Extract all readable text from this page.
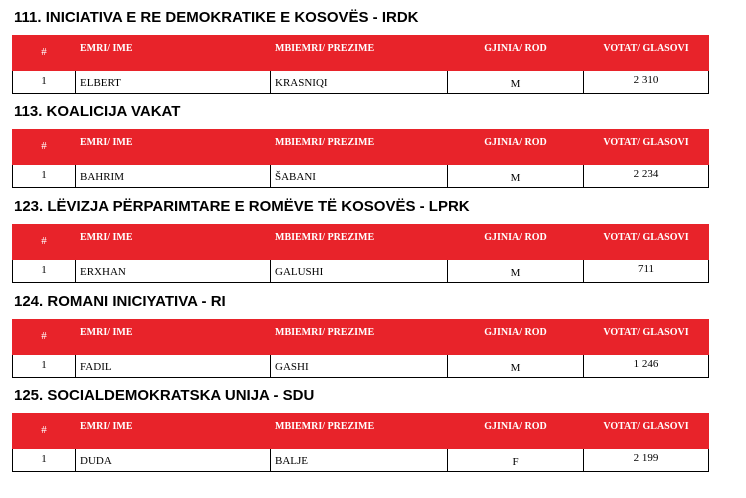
111. INICIATIVA E RE DEMOKRATIKE E KOSOVËS - IRDK
#	EMRI/ IME	MBIEMRI/ PREZIME	GJINIA/ ROD	VOTAT/ GLASOVI

1	ELBERT	KRASNIQI	M	2 310
113. KOALICIJA VAKAT
#	EMRI/ IME	MBIEMRI/ PREZIME	GJINIA/ ROD	VOTAT/ GLASOVI

1	BAHRIM	ŠABANI	M	2 234
123. LËVIZJA PËRPARIMTARE E ROMËVE TË KOSOVËS - LPRK
#	EMRI/ IME	MBIEMRI/ PREZIME	GJINIA/ ROD	VOTAT/ GLASOVI

1	ERXHAN	GALUSHI	M	711
124. ROMANI INICIYATIVA - RI
#	EMRI/ IME	MBIEMRI/ PREZIME	GJINIA/ ROD	VOTAT/ GLASOVI

1	FADIL	GASHI	M	1 246
125. SOCIALDEMOKRATSKA UNIJA - SDU
#	EMRI/ IME	MBIEMRI/ PREZIME	GJINIA/ ROD	VOTAT/ GLASOVI

1	DUDA	BALJE	F	2 199
